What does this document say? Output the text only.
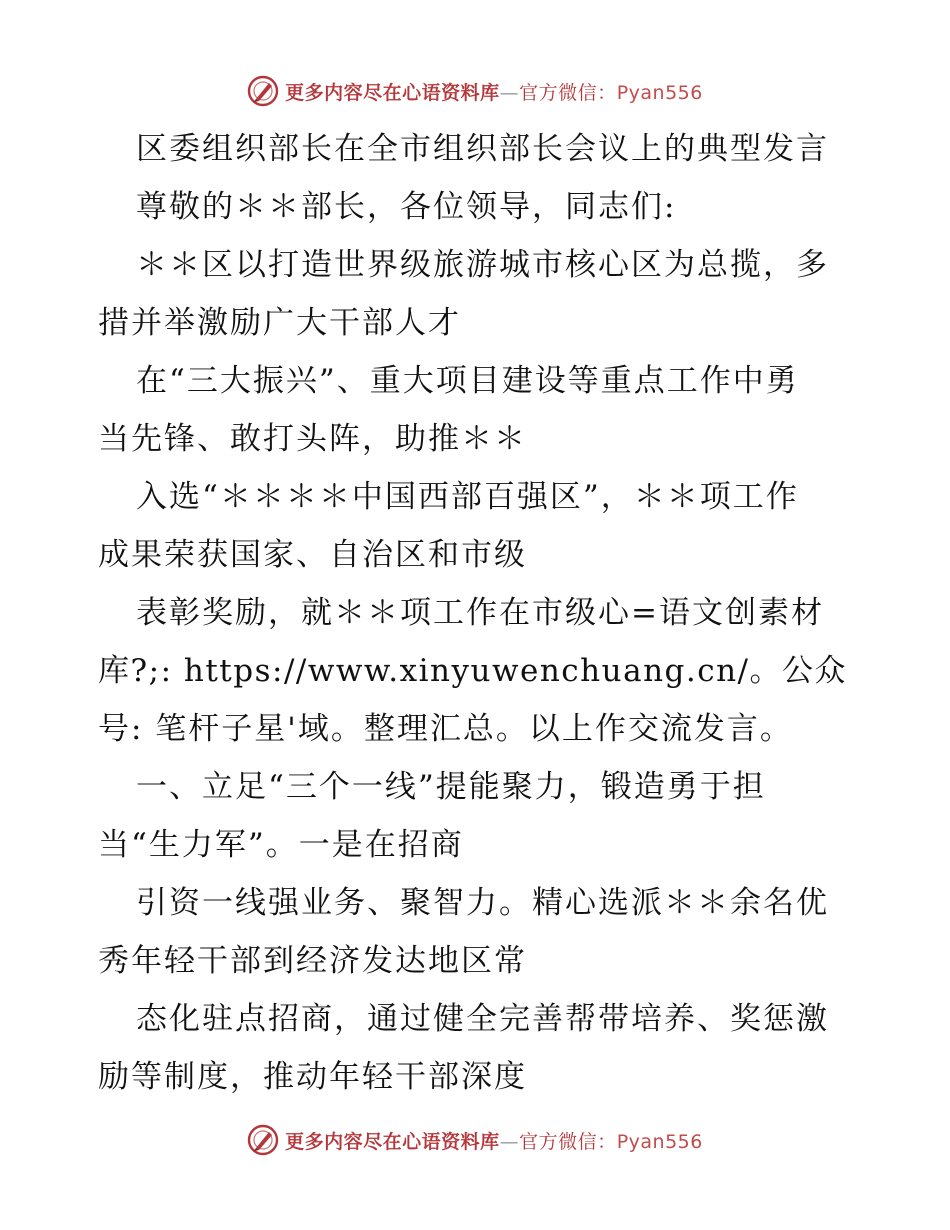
更多内容尽在心语资料库—官方微信：Pyan556
区委组织部长在全市组织部长会议上的典型发言
尊敬的＊＊部长，各位领导，同志们:
＊＊区以打造世界级旅游城市核心区为总揽，多
措并举激励广大干部人才
在“三大振兴”、重大项目建设等重点工作中勇
当先锋、敢打头阵，助推＊＊
入选“＊＊＊＊中国西部百强区”，＊＊项工作
成果荣获国家、自治区和市级
表彰奖励，就＊＊项工作在市级心=语文创素材
库?;: https://www.xinyuwenchuang.cn/。公众
号: 笔杆子星'域。整理汇总。以上作交流发言。
一、立足“三个一线”提能聚力，锻造勇于担
当“生力军”。一是在招商
引资一线强业务、聚智力。精心选派＊＊余名优
秀年轻干部到经济发达地区常
态化驻点招商，通过健全完善帮带培养、奖惩激
励等制度，推动年轻干部深度
更多内容尽在心语资料库—官方微信：Pyan556
